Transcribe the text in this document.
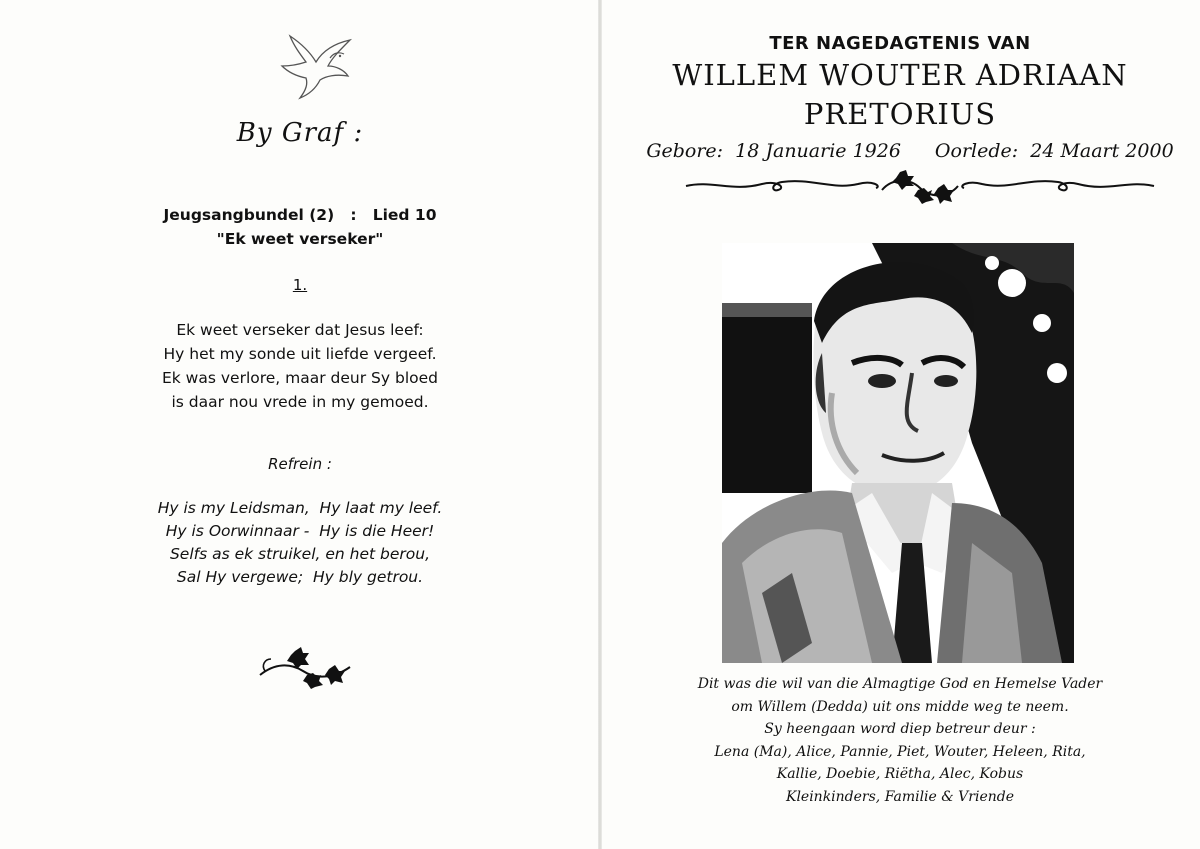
By Graf :
Jeugsangbundel (2)   :   Lied 10
"Ek weet verseker"
1.
Ek weet verseker dat Jesus leef:
Hy het my sonde uit liefde vergeef.
Ek was verlore, maar deur Sy bloed
is daar nou vrede in my gemoed.
Refrein :
Hy is my Leidsman,  Hy laat my leef.
Hy is Oorwinnaar -  Hy is die Heer!
Selfs as ek struikel, en het berou,
Sal Hy vergewe;  Hy bly getrou.
TER NAGEDAGTENIS VAN
WILLEM WOUTER ADRIAAN
PRETORIUS
Gebore:  18 Januarie 1926 Oorlede:  24 Maart 2000
Dit was die wil van die Almagtige God en Hemelse Vader
om Willem (Dedda) uit ons midde weg te neem.
Sy heengaan word diep betreur deur :
Lena (Ma), Alice, Pannie, Piet, Wouter, Heleen, Rita,
Kallie, Doebie, Riëtha, Alec, Kobus
Kleinkinders, Familie & Vriende
